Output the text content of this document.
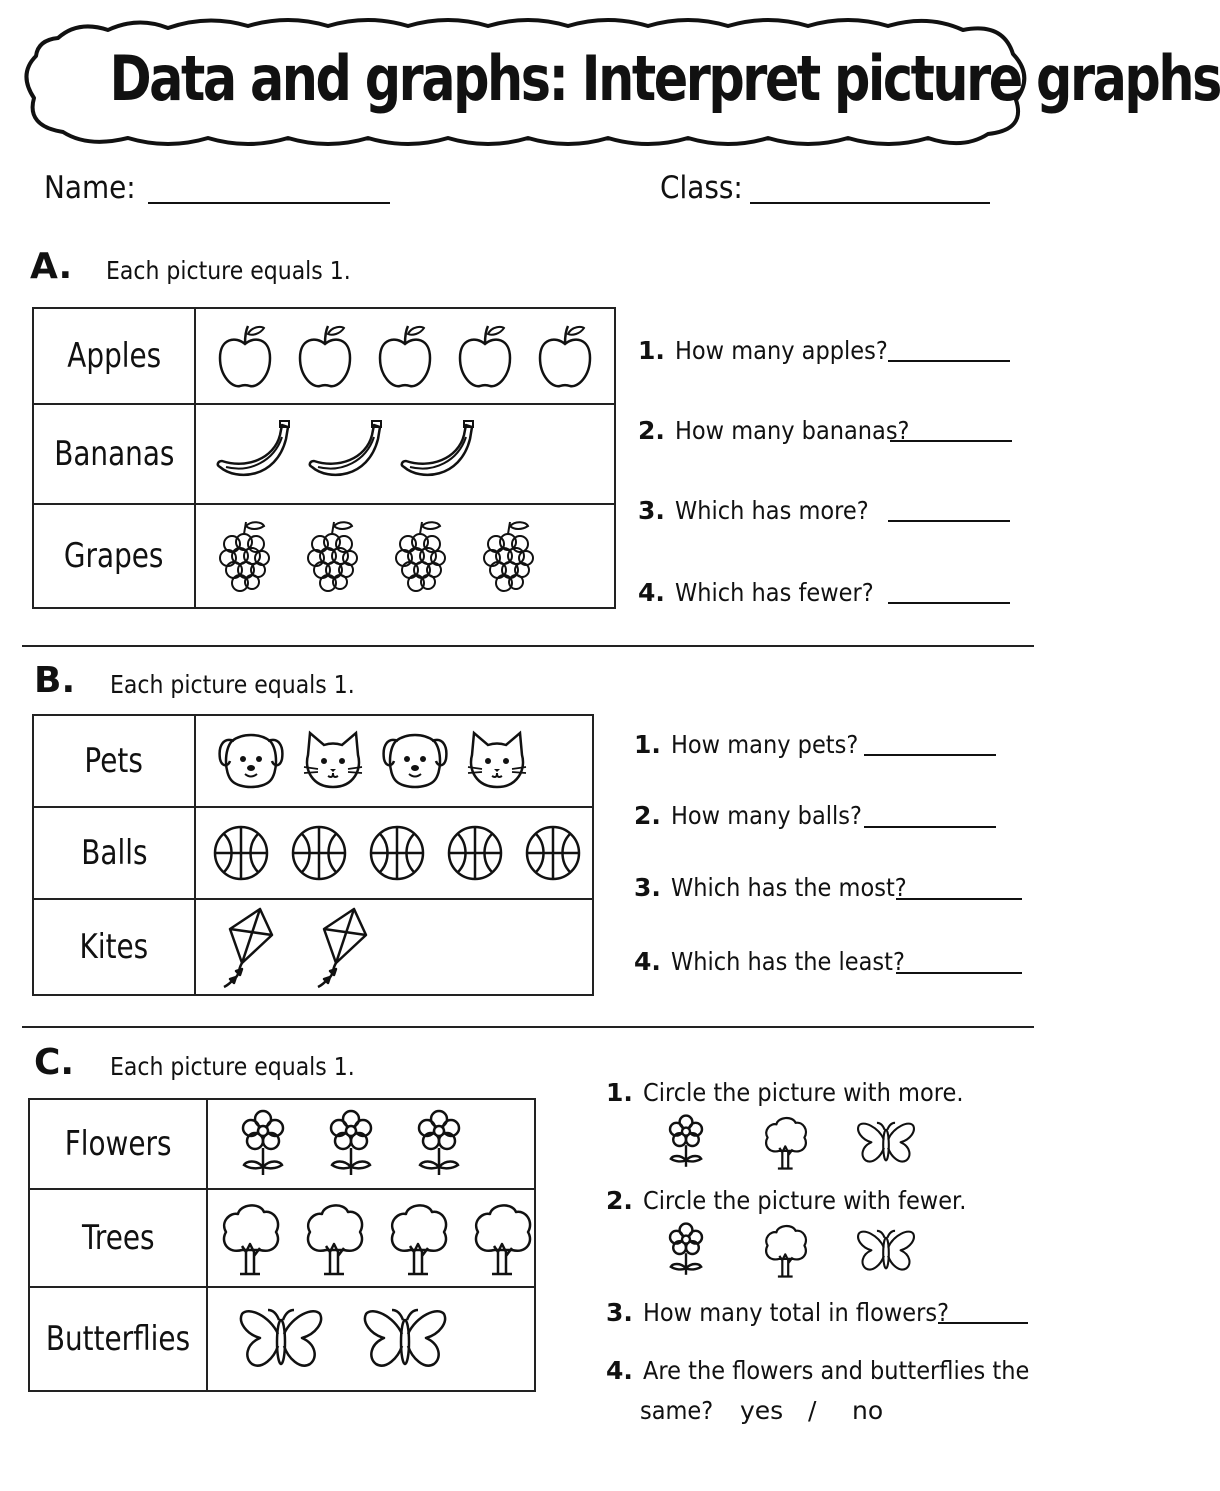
Data and graphs: Interpret picture graphs
Name:	Class:
A. Each picture equals 1.
Apples	

Bananas	

Grapes	
1. How many apples?
2. How many bananas?
3. Which has more?
4. Which has fewer?
B. Each picture equals 1.
Pets	

Balls	

Kites	
1. How many pets?
2. How many balls?
3. Which has the most?
4. Which has the least?
C. Each picture equals 1.
Flowers	

Trees	

Butterflies	
1. Circle the picture with more.
2. Circle the picture with fewer.
3. How many total in flowers?
4. Are the flowers and butterflies the
same?	yes / no
